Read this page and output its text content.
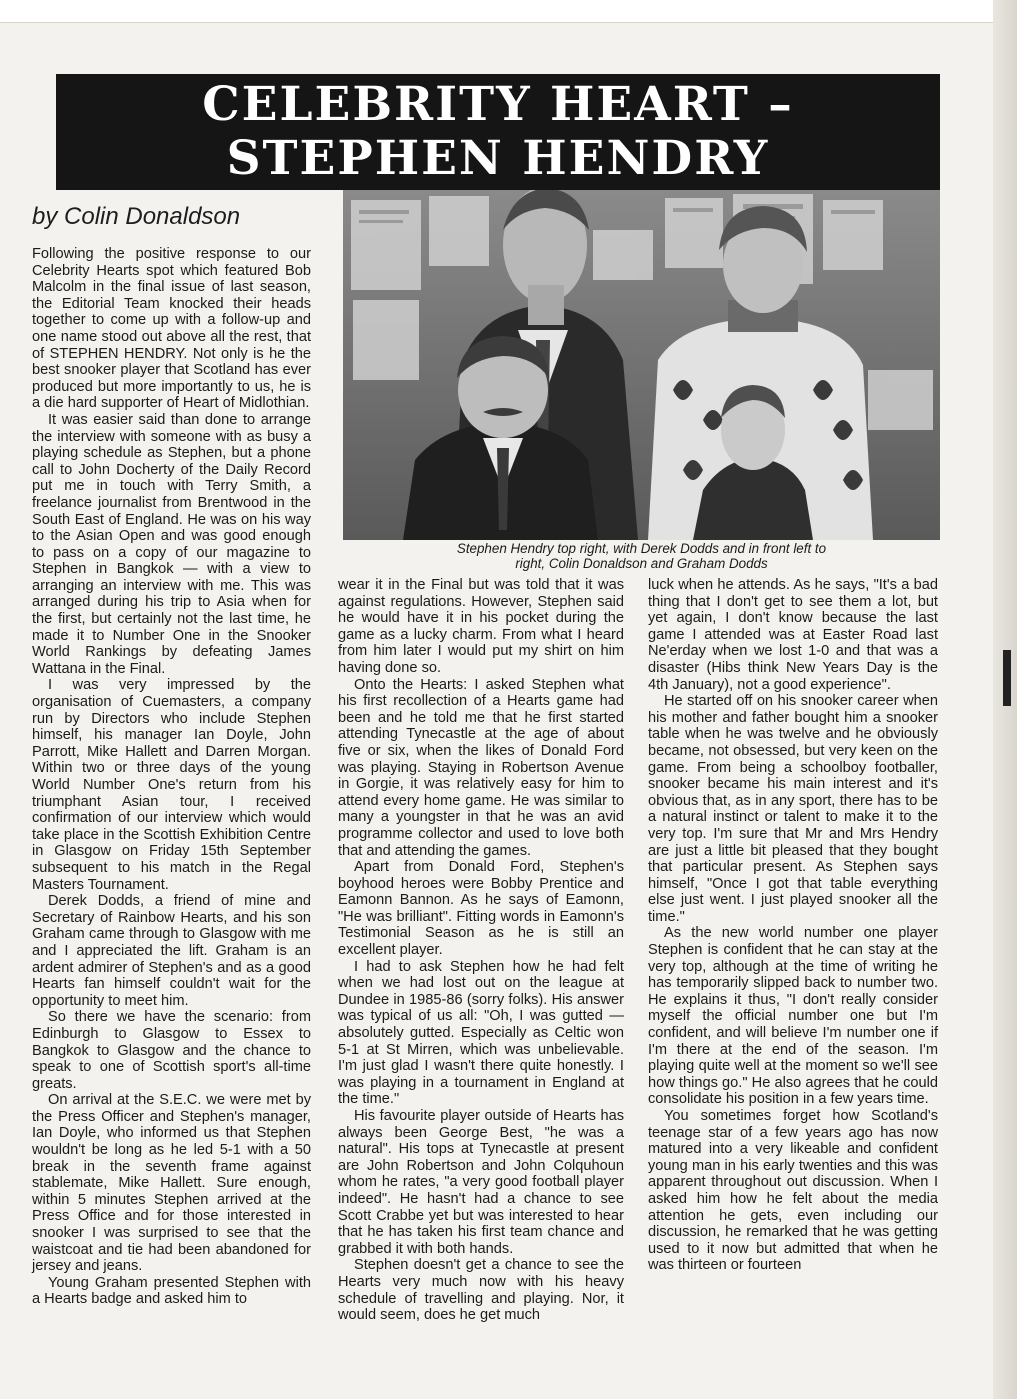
CELEBRITY HEART –
STEPHEN HENDRY
by Colin Donaldson
Stephen Hendry top right, with Derek Dodds and in front left to
right, Colin Donaldson and Graham Dodds

Following the positive response to our Celebrity Hearts spot which featured Bob Malcolm in the final issue of last season, the Editorial Team knocked their heads together to come up with a follow-up and one name stood out above all the rest, that of STEPHEN HENDRY. Not only is he the best snooker player that Scotland has ever produced but more importantly to us, he is a die hard supporter of Heart of Midlothian.

It was easier said than done to arrange the interview with someone with as busy a playing schedule as Stephen, but a phone call to John Docherty of the Daily Record put me in touch with Terry Smith, a freelance journalist from Brentwood in the South East of England. He was on his way to the Asian Open and was good enough to pass on a copy of our magazine to Stephen in Bangkok — with a view to arranging an interview with me. This was arranged during his trip to Asia when for the first, but certainly not the last time, he made it to Number One in the Snooker World Rankings by defeating James Wattana in the Final.

I was very impressed by the organisation of Cuemasters, a company run by Directors who include Stephen himself, his manager Ian Doyle, John Parrott, Mike Hallett and Darren Morgan. Within two or three days of the young World Number One's return from his triumphant Asian tour, I received confirmation of our interview which would take place in the Scottish Exhibition Centre in Glasgow on Friday 15th September subsequent to his match in the Regal Masters Tournament.

Derek Dodds, a friend of mine and Secretary of Rainbow Hearts, and his son Graham came through to Glasgow with me and I appreciated the lift. Graham is an ardent admirer of Stephen's and as a good Hearts fan himself couldn't wait for the opportunity to meet him.

So there we have the scenario: from Edinburgh to Glasgow to Essex to Bangkok to Glasgow and the chance to speak to one of Scottish sport's all-time greats.

On arrival at the S.E.C. we were met by the Press Officer and Stephen's manager, Ian Doyle, who informed us that Stephen wouldn't be long as he led 5-1 with a 50 break in the seventh frame against stablemate, Mike Hallett. Sure enough, within 5 minutes Stephen arrived at the Press Office and for those interested in snooker I was surprised to see that the waistcoat and tie had been abandoned for jersey and jeans.

Young Graham presented Stephen with a Hearts badge and asked him to

wear it in the Final but was told that it was against regulations. However, Stephen said he would have it in his pocket during the game as a lucky charm. From what I heard from him later I would put my shirt on him having done so.

Onto the Hearts: I asked Stephen what his first recollection of a Hearts game had been and he told me that he first started attending Tynecastle at the age of about five or six, when the likes of Donald Ford was playing. Staying in Robertson Avenue in Gorgie, it was relatively easy for him to attend every home game. He was similar to many a youngster in that he was an avid programme collector and used to love both that and attending the games.

Apart from Donald Ford, Stephen's boyhood heroes were Bobby Prentice and Eamonn Bannon. As he says of Eamonn, "He was brilliant". Fitting words in Eamonn's Testimonial Season as he is still an excellent player.

I had to ask Stephen how he had felt when we had lost out on the league at Dundee in 1985-86 (sorry folks). His answer was typical of us all: "Oh, I was gutted — absolutely gutted. Especially as Celtic won 5-1 at St Mirren, which was unbelievable. I'm just glad I wasn't there quite honestly. I was playing in a tournament in England at the time."

His favourite player outside of Hearts has always been George Best, "he was a natural". His tops at Tynecastle at present are John Robertson and John Colquhoun whom he rates, "a very good football player indeed". He hasn't had a chance to see Scott Crabbe yet but was interested to hear that he has taken his first team chance and grabbed it with both hands.

Stephen doesn't get a chance to see the Hearts very much now with his heavy schedule of travelling and playing. Nor, it would seem, does he get much

luck when he attends. As he says, "It's a bad thing that I don't get to see them a lot, but yet again, I don't know because the last game I attended was at Easter Road last Ne'erday when we lost 1-0 and that was a disaster (Hibs think New Years Day is the 4th January), not a good experience".

He started off on his snooker career when his mother and father bought him a snooker table when he was twelve and he obviously became, not obsessed, but very keen on the game. From being a schoolboy footballer, snooker became his main interest and it's obvious that, as in any sport, there has to be a natural instinct or talent to make it to the very top. I'm sure that Mr and Mrs Hendry are just a little bit pleased that they bought that particular present. As Stephen says himself, "Once I got that table everything else just went. I just played snooker all the time."

As the new world number one player Stephen is confident that he can stay at the very top, although at the time of writing he has temporarily slipped back to number two. He explains it thus, "I don't really consider myself the official number one but I'm confident, and will believe I'm number one if I'm there at the end of the season. I'm playing quite well at the moment so we'll see how things go." He also agrees that he could consolidate his position in a few years time.

You sometimes forget how Scotland's teenage star of a few years ago has now matured into a very likeable and confident young man in his early twenties and this was apparent throughout out discussion. When I asked him how he felt about the media attention he gets, even including our discussion, he remarked that he was getting used to it now but admitted that when he was thirteen or fourteen
